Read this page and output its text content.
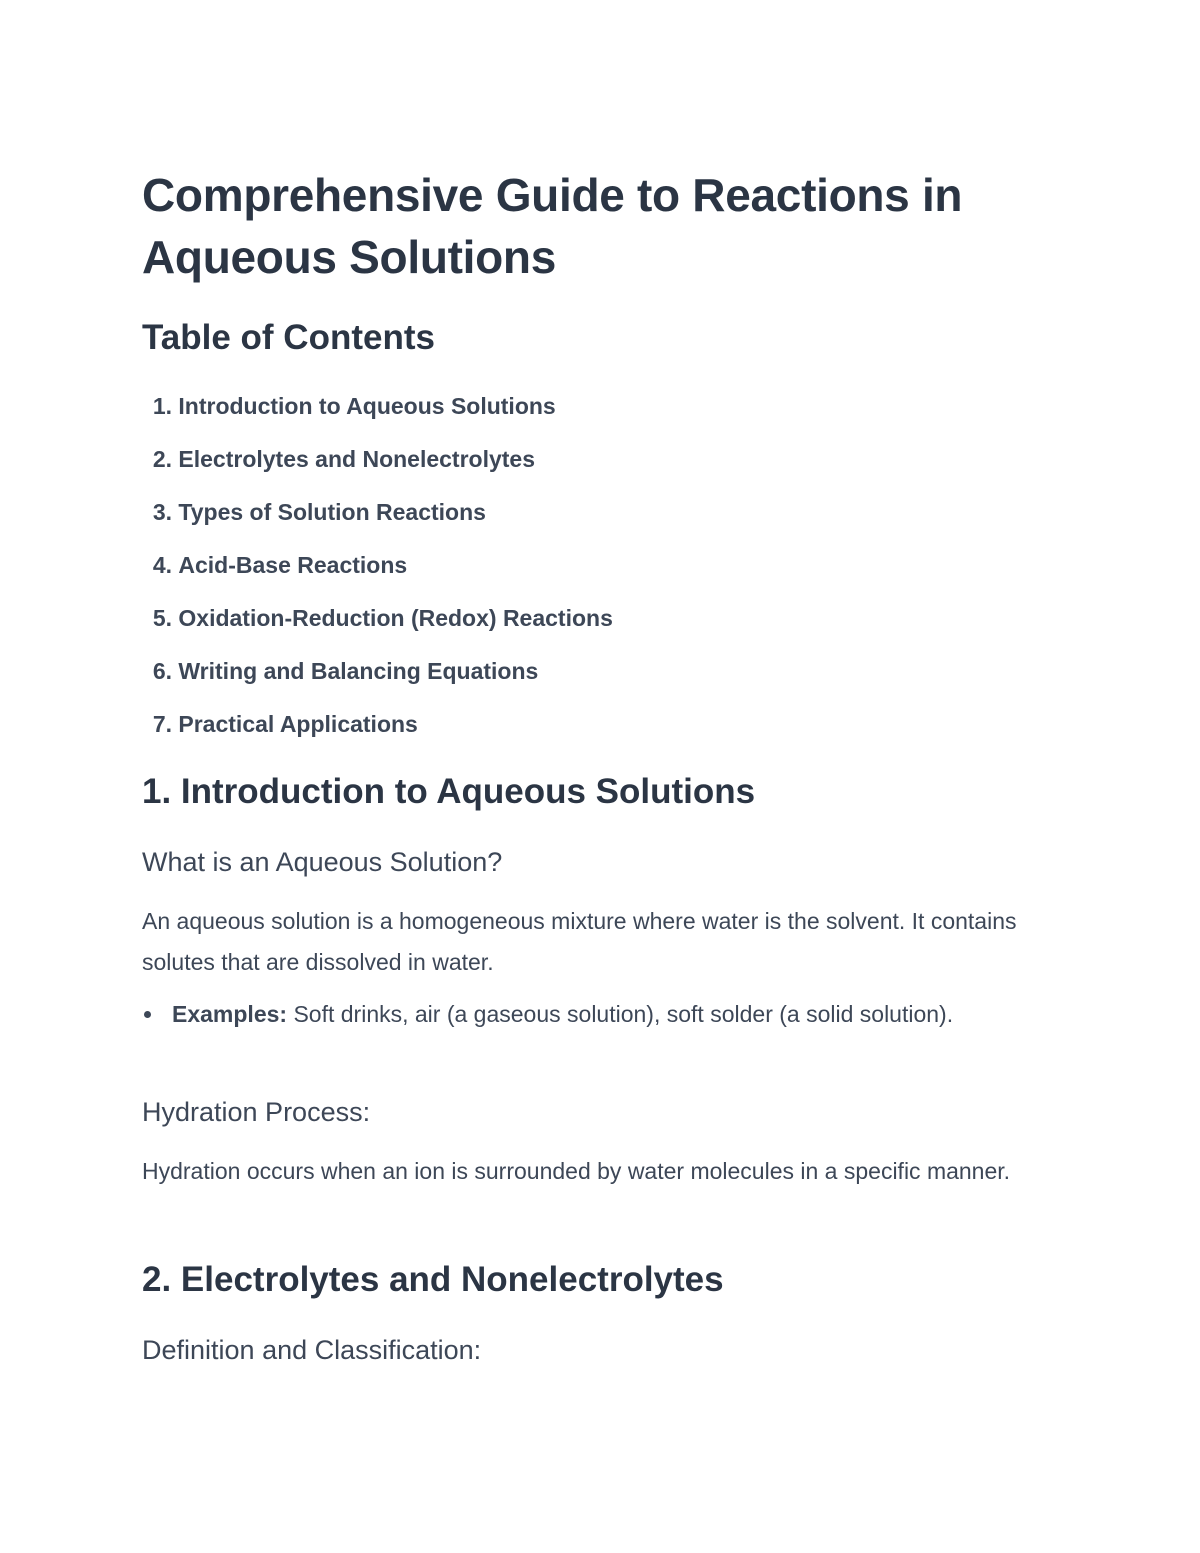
Comprehensive Guide to Reactions in Aqueous Solutions
Table of Contents
1. Introduction to Aqueous Solutions
2. Electrolytes and Nonelectrolytes
3. Types of Solution Reactions
4. Acid-Base Reactions
5. Oxidation-Reduction (Redox) Reactions
6. Writing and Balancing Equations
7. Practical Applications
1. Introduction to Aqueous Solutions
What is an Aqueous Solution?

An aqueous solution is a homogeneous mixture where water is the solvent. It contains solutes that are dissolved in water.

Examples: Soft drinks, air (a gaseous solution), soft solder (a solid solution).
Hydration Process:

Hydration occurs when an ion is surrounded by water molecules in a specific manner.

2. Electrolytes and Nonelectrolytes
Definition and Classification:
